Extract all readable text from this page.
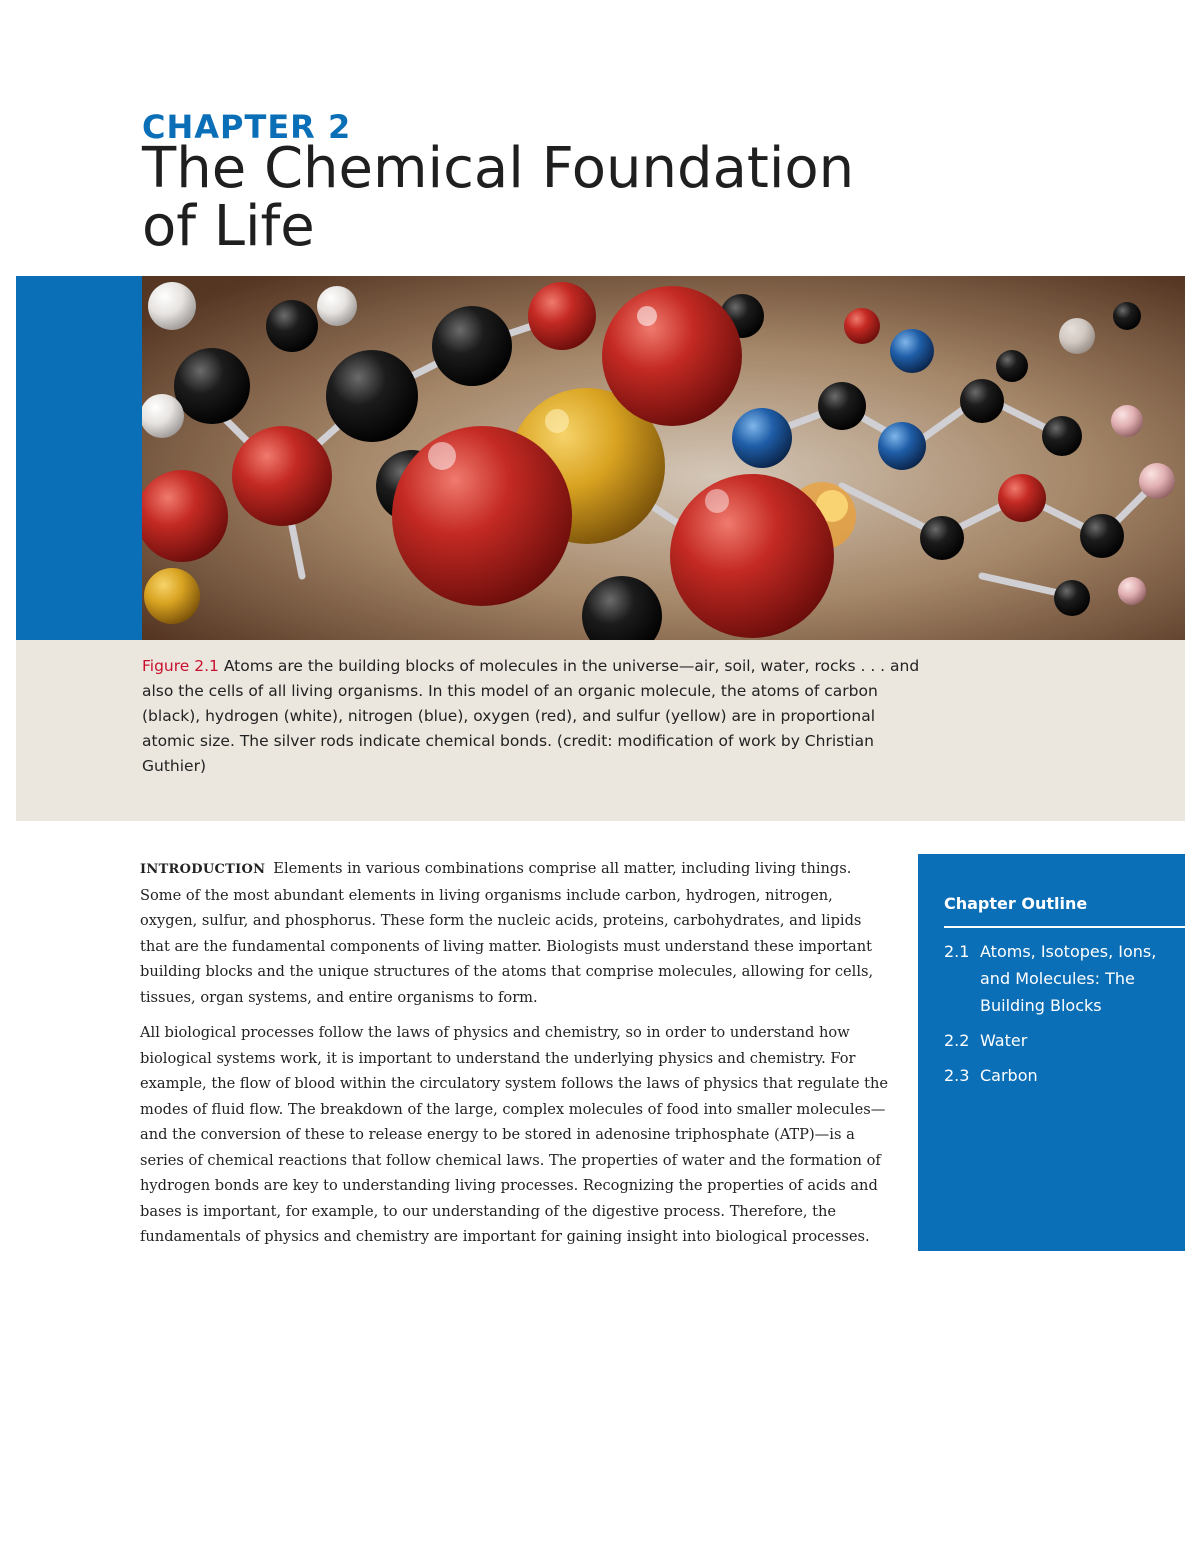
CHAPTER 2
The Chemical Foundation
of Life

Figure 2.1 Atoms are the building blocks of molecules in the universe—air, soil, water, rocks . . . and also the cells of all living organisms. In this model of an organic molecule, the atoms of carbon (black), hydrogen (white), nitrogen (blue), oxygen (red), and sulfur (yellow) are in proportional atomic size. The silver rods indicate chemical bonds. (credit: modification of work by Christian Guthier)

INTRODUCTION Elements in various combinations comprise all matter, including living things. Some of the most abundant elements in living organisms include carbon, hydrogen, nitrogen, oxygen, sulfur, and phosphorus. These form the nucleic acids, proteins, carbohydrates, and lipids that are the fundamental components of living matter. Biologists must understand these important building blocks and the unique structures of the atoms that comprise molecules, allowing for cells, tissues, organ systems, and entire organisms to form.

All biological processes follow the laws of physics and chemistry, so in order to understand how biological systems work, it is important to understand the underlying physics and chemistry. For example, the flow of blood within the circulatory system follows the laws of physics that regulate the modes of fluid flow. The breakdown of the large, complex molecules of food into smaller molecules—and the conversion of these to release energy to be stored in adenosine triphosphate (ATP)—is a series of chemical reactions that follow chemical laws. The properties of water and the formation of hydrogen bonds are key to understanding living processes. Recognizing the properties of acids and bases is important, for example, to our understanding of the digestive process. Therefore, the fundamentals of physics and chemistry are important for gaining insight into biological processes.

Chapter Outline
2.1 Atoms, Isotopes, Ions, and Molecules: The Building Blocks
2.2 Water
2.3 Carbon
